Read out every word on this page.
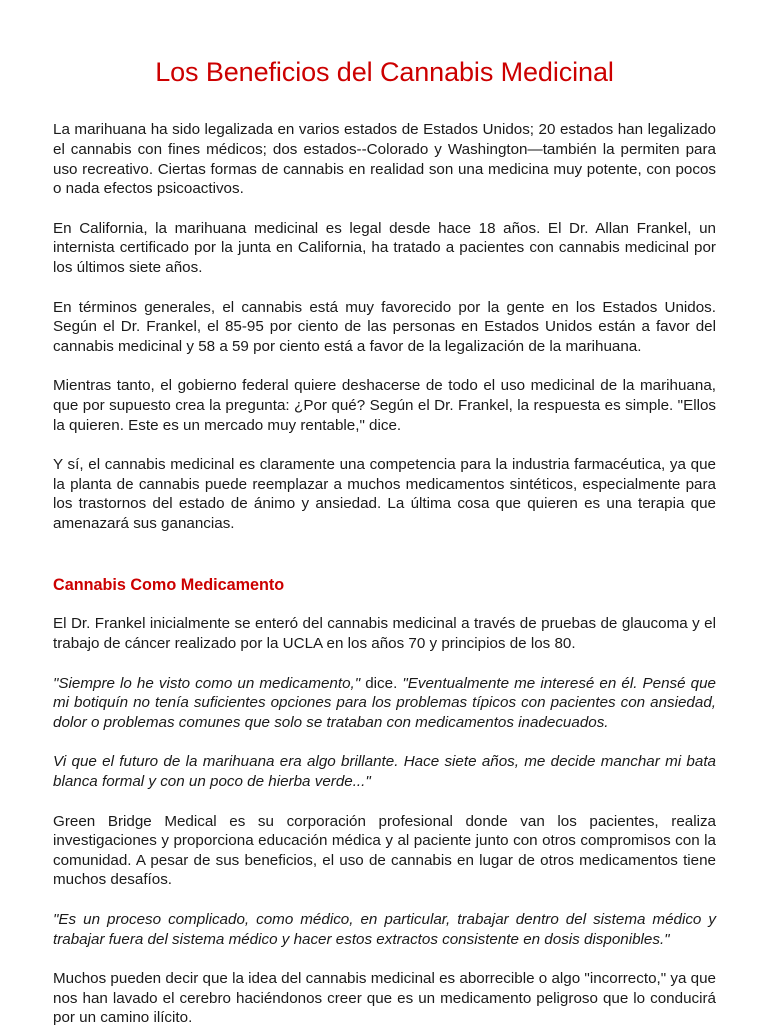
Los Beneficios del Cannabis Medicinal

La marihuana ha sido legalizada en varios estados de Estados Unidos; 20 estados han legalizado el cannabis con fines médicos; dos estados--Colorado y Washington—también la permiten para uso recreativo. Ciertas formas de cannabis en realidad son una medicina muy potente, con pocos o nada efectos psicoactivos.

En California, la marihuana medicinal es legal desde hace 18 años. El Dr. Allan Frankel, un internista certificado por la junta en California, ha tratado a pacientes con cannabis medicinal por los últimos siete años.

En términos generales, el cannabis está muy favorecido por la gente en los Estados Unidos. Según el Dr. Frankel, el 85-95 por ciento de las personas en Estados Unidos están a favor del cannabis medicinal y 58 a 59 por ciento está a favor de la legalización de la marihuana.

Mientras tanto, el gobierno federal quiere deshacerse de todo el uso medicinal de la marihuana, que por supuesto crea la pregunta: ¿Por qué? Según el Dr. Frankel, la respuesta es simple. "Ellos la quieren. Este es un mercado muy rentable," dice.

Y sí, el cannabis medicinal es claramente una competencia para la industria farmacéutica, ya que la planta de cannabis puede reemplazar a muchos medicamentos sintéticos, especialmente para los trastornos del estado de ánimo y ansiedad. La última cosa que quieren es una terapia que amenazará sus ganancias.

Cannabis Como Medicamento

El Dr. Frankel inicialmente se enteró del cannabis medicinal a través de pruebas de glaucoma y el trabajo de cáncer realizado por la UCLA en los años 70 y principios de los 80.

"Siempre lo he visto como un medicamento," dice. "Eventualmente me interesé en él. Pensé que mi botiquín no tenía suficientes opciones para los problemas típicos con pacientes con ansiedad, dolor o problemas comunes que solo se trataban con medicamentos inadecuados.

Vi que el futuro de la marihuana era algo brillante. Hace siete años, me decide manchar mi bata blanca formal y con un poco de hierba verde..."

Green Bridge Medical es su corporación profesional donde van los pacientes, realiza investigaciones y proporciona educación médica y al paciente junto con otros compromisos con la comunidad. A pesar de sus beneficios, el uso de cannabis en lugar de otros medicamentos tiene muchos desafíos.

"Es un proceso complicado, como médico, en particular, trabajar dentro del sistema médico y trabajar fuera del sistema médico y hacer estos extractos consistente en dosis disponibles."

Muchos pueden decir que la idea del cannabis medicinal es aborrecible o algo "incorrecto," ya que nos han lavado el cerebro haciéndonos creer que es un medicamento peligroso que lo conducirá por un camino ilícito.
